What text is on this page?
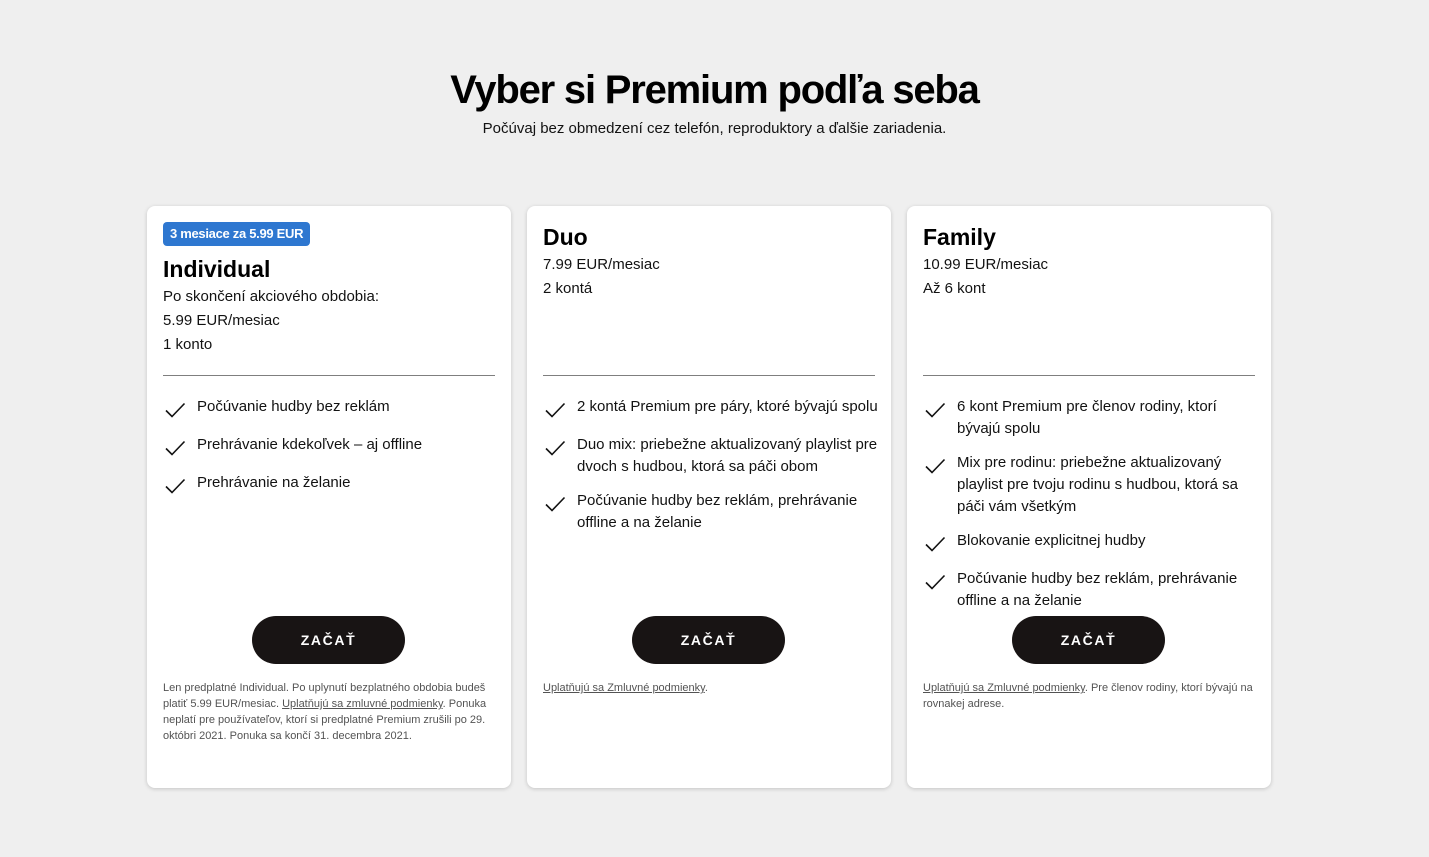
Vyber si Premium podľa seba

Počúvaj bez obmedzení cez telefón, reproduktory a ďalšie zariadenia.

3 mesiace za 5.99 EUR
Individual
Po skončení akciového obdobia:
5.99 EUR/mesiac
1 konto
Počúvanie hudby bez reklám
Prehrávanie kdekoľvek – aj offline
Prehrávanie na želanie
ZAČAŤ

Len predplatné Individual. Po uplynutí bezplatného obdobia budeš platiť 5.99 EUR/mesiac. Uplatňujú sa zmluvné podmienky. Ponuka neplatí pre používateľov, ktorí si predplatné Premium zrušili po 29. októbri 2021. Ponuka sa končí 31. decembra 2021.

Duo
7.99 EUR/mesiac
2 kontá
2 kontá Premium pre páry, ktoré bývajú spolu
Duo mix: priebežne aktualizovaný playlist pre dvoch s hudbou, ktorá sa páči obom
Počúvanie hudby bez reklám, prehrávanie offline a na želanie
ZAČAŤ

Uplatňujú sa Zmluvné podmienky.

Family
10.99 EUR/mesiac
Až 6 kont
6 kont Premium pre členov rodiny, ktorí bývajú spolu
Mix pre rodinu: priebežne aktualizovaný playlist pre tvoju rodinu s hudbou, ktorá sa páči vám všetkým
Blokovanie explicitnej hudby
Počúvanie hudby bez reklám, prehrávanie offline a na želanie
ZAČAŤ

Uplatňujú sa Zmluvné podmienky. Pre členov rodiny, ktorí bývajú na rovnakej adrese.
